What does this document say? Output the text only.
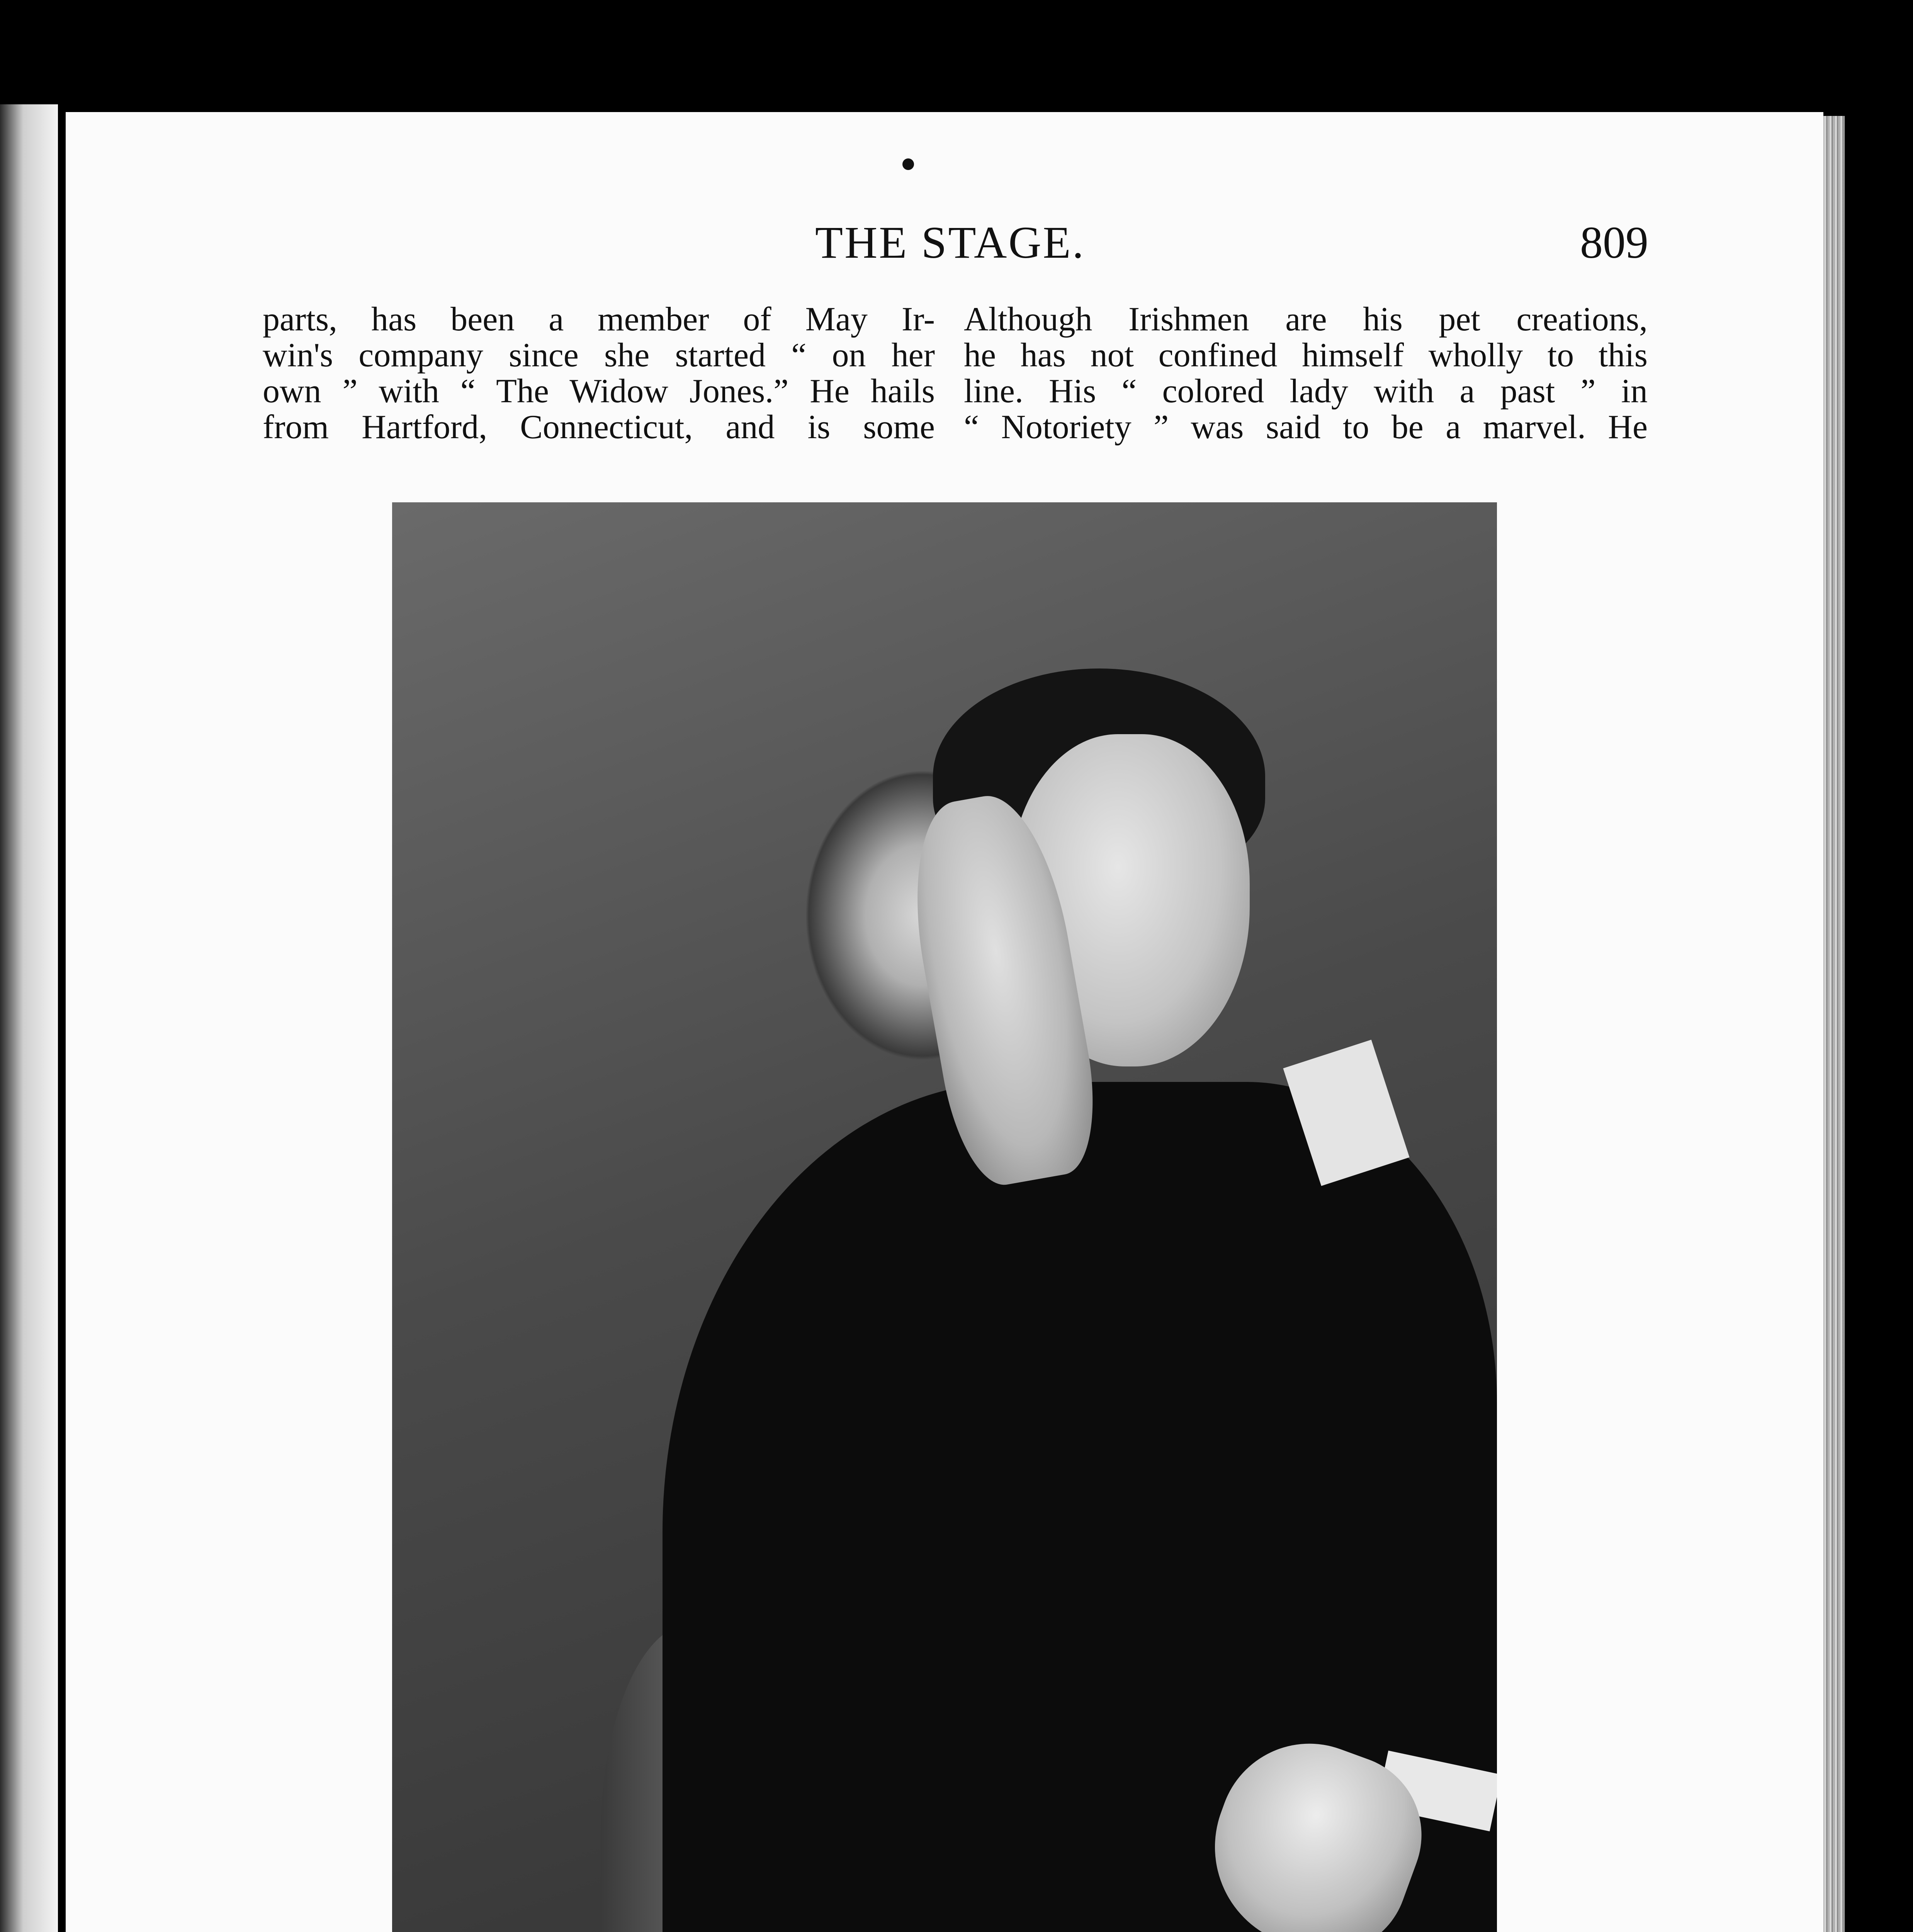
THE STAGE.	809
parts, has been a member of May Ir-
win's company since she started “ on her
own ” with “ The Widow Jones.” He hails
from Hartford, Connecticut, and is some
Although Irishmen are his pet creations,
he has not confined himself wholly to this
line. His “ colored lady with a past ” in
“ Notoriety ” was said to be a marvel. He
